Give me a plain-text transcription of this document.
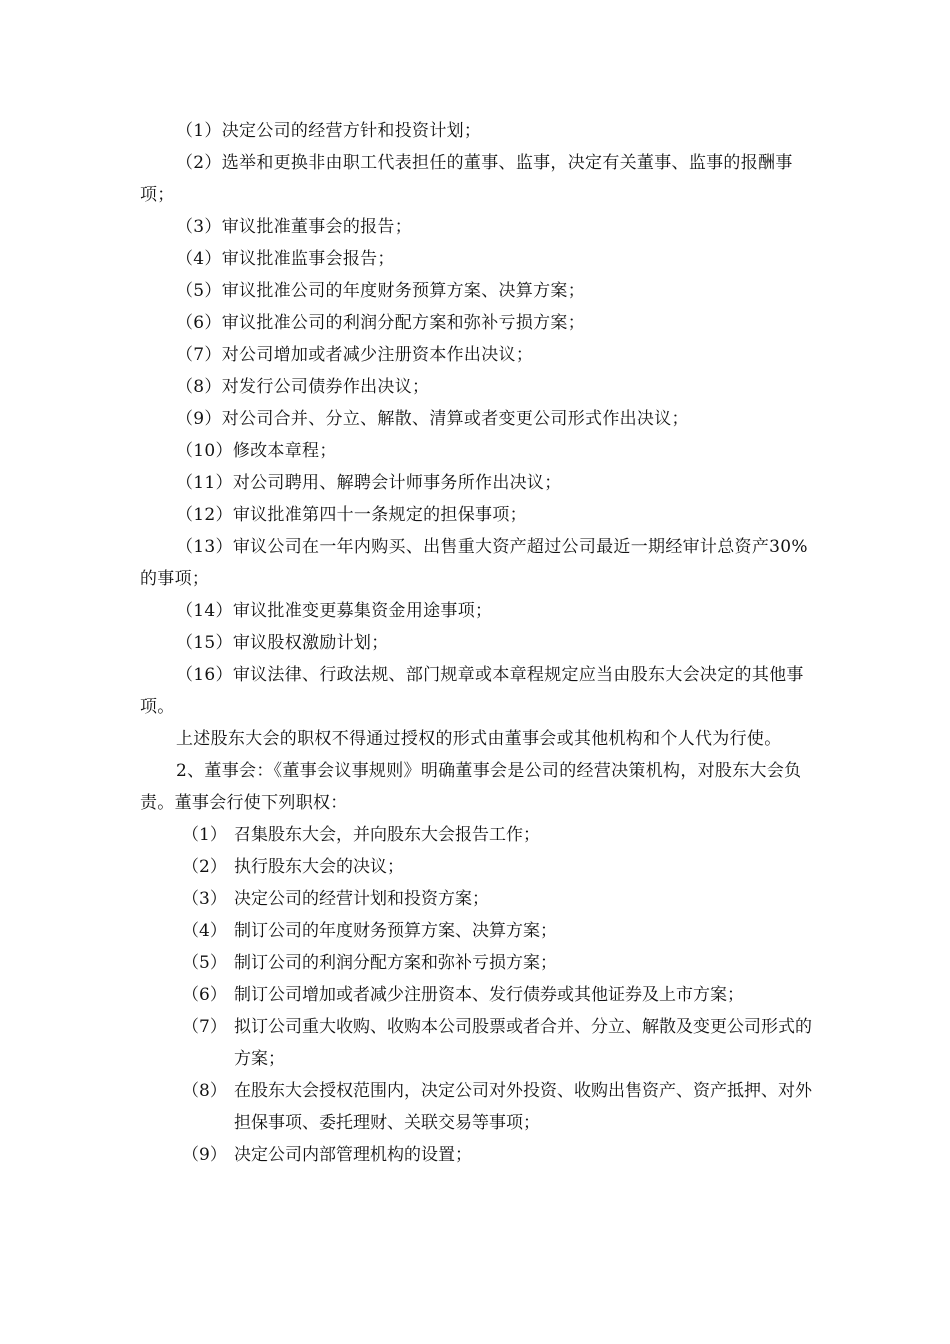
（1）决定公司的经营方针和投资计划；
（2）选举和更换非由职工代表担任的董事、监事，决定有关董事、监事的报酬事项；
（3）审议批准董事会的报告；
（4）审议批准监事会报告；
（5）审议批准公司的年度财务预算方案、决算方案；
（6）审议批准公司的利润分配方案和弥补亏损方案；
（7）对公司增加或者减少注册资本作出决议；
（8）对发行公司债券作出决议；
（9）对公司合并、分立、解散、清算或者变更公司形式作出决议；
（10）修改本章程；
（11）对公司聘用、解聘会计师事务所作出决议；
（12）审议批准第四十一条规定的担保事项；
（13）审议公司在一年内购买、出售重大资产超过公司最近一期经审计总资产30%的事项；
（14）审议批准变更募集资金用途事项；
（15）审议股权激励计划；
（16）审议法律、行政法规、部门规章或本章程规定应当由股东大会决定的其他事项。
上述股东大会的职权不得通过授权的形式由董事会或其他机构和个人代为行使。
2、董事会：《董事会议事规则》明确董事会是公司的经营决策机构，对股东大会负责。董事会行使下列职权：
（1） 召集股东大会，并向股东大会报告工作；
（2） 执行股东大会的决议；
（3） 决定公司的经营计划和投资方案；
（4） 制订公司的年度财务预算方案、决算方案；
（5） 制订公司的利润分配方案和弥补亏损方案；
（6） 制订公司增加或者减少注册资本、发行债券或其他证券及上市方案；
（7） 拟订公司重大收购、收购本公司股票或者合并、分立、解散及变更公司形式的方案；
（8） 在股东大会授权范围内，决定公司对外投资、收购出售资产、资产抵押、对外担保事项、委托理财、关联交易等事项；
（9） 决定公司内部管理机构的设置；
